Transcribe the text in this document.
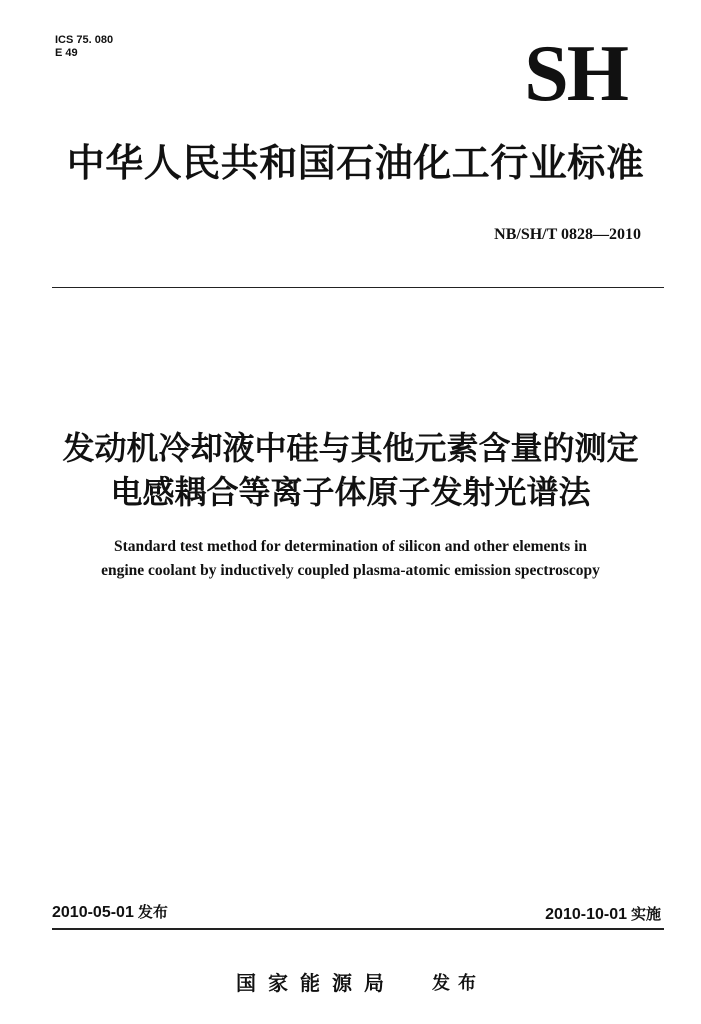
ICS 75. 080
E 49	SH
中华人民共和国石油化工行业标准
NB/SH/T 0828—2010
发动机冷却液中硅与其他元素含量的测定
电感耦合等离子体原子发射光谱法
Standard test method for determination of silicon and other elements in
engine coolant by inductively coupled plasma-atomic emission spectroscopy
2010-05-01 发布	2010-10-01 实施
国家能源局 发布
